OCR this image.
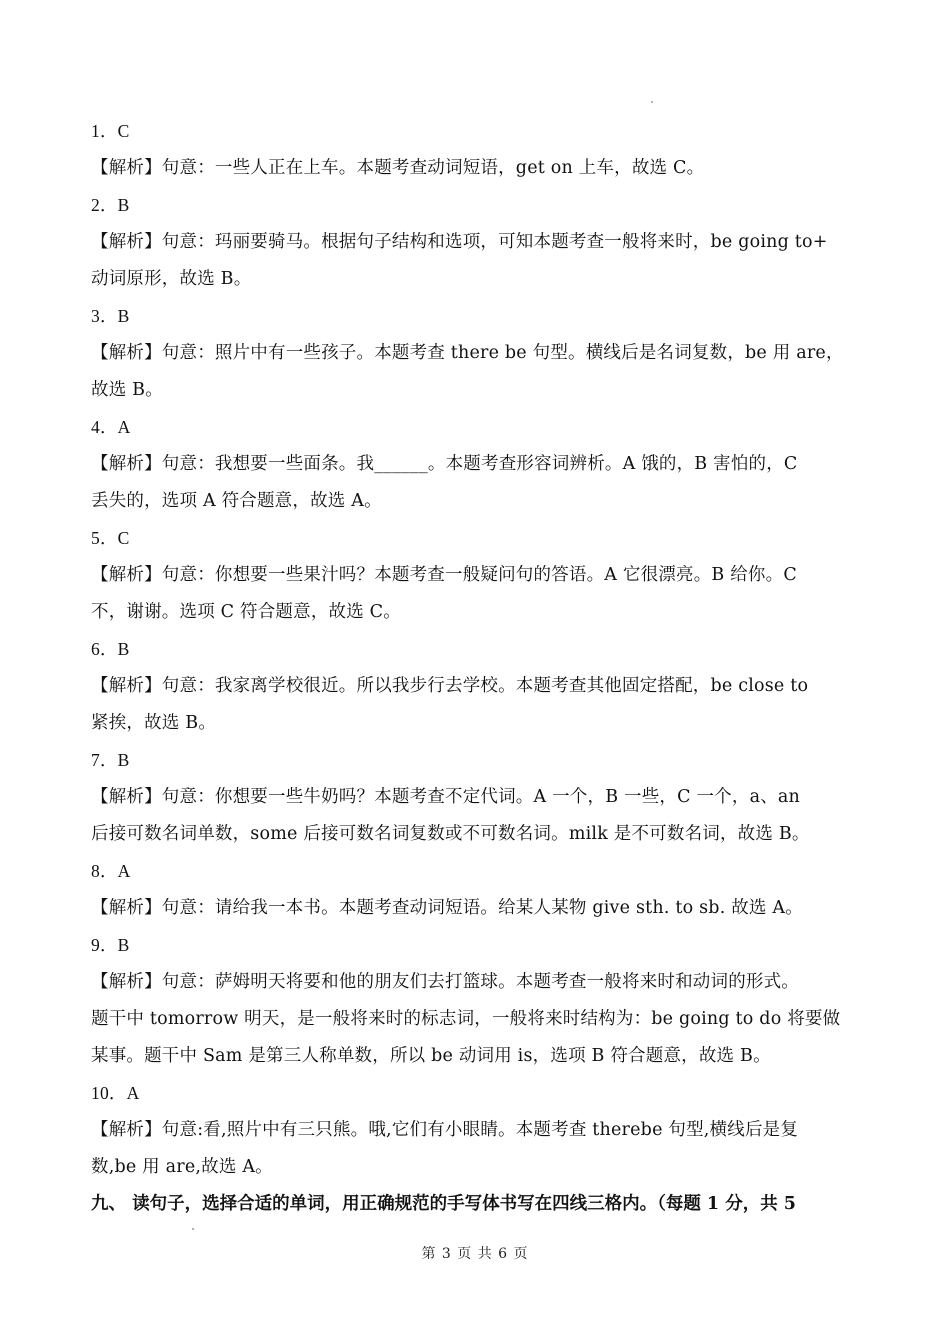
1．C
【解析】句意：一些人正在上车。本题考查动词短语，get on 上车，故选 C。
2．B
【解析】句意：玛丽要骑马。根据句子结构和选项，可知本题考查一般将来时，be going to+
动词原形，故选 B。
3．B
【解析】句意：照片中有一些孩子。本题考查 there be 句型。横线后是名词复数，be 用 are，
故选 B。
4．A
【解析】句意：我想要一些面条。我______。本题考查形容词辨析。A 饿的，B 害怕的，C
丢失的，选项 A 符合题意，故选 A。
5．C
【解析】句意：你想要一些果汁吗？本题考查一般疑问句的答语。A 它很漂亮。B 给你。C
不，谢谢。选项 C 符合题意，故选 C。
6．B
【解析】句意：我家离学校很近。所以我步行去学校。本题考查其他固定搭配，be close to
紧挨，故选 B。
7．B
【解析】句意：你想要一些牛奶吗？本题考查不定代词。A 一个，B 一些，C 一个，a、an
后接可数名词单数，some 后接可数名词复数或不可数名词。milk 是不可数名词，故选 B。
8．A
【解析】句意：请给我一本书。本题考查动词短语。给某人某物 give sth. to sb. 故选 A。
9．B
【解析】句意：萨姆明天将要和他的朋友们去打篮球。本题考查一般将来时和动词的形式。
题干中 tomorrow 明天，是一般将来时的标志词，一般将来时结构为：be going to do 将要做
某事。题干中 Sam 是第三人称单数，所以 be 动词用 is，选项 B 符合题意，故选 B。
10．A
【解析】句意:看,照片中有三只熊。哦,它们有小眼睛。本题考查 therebe 句型,横线后是复
数,be 用 are,故选 A。
九、 读句子，选择合适的单词，用正确规范的手写体书写在四线三格内。（每题 1 分，共 5
第 3 页 共 6 页
